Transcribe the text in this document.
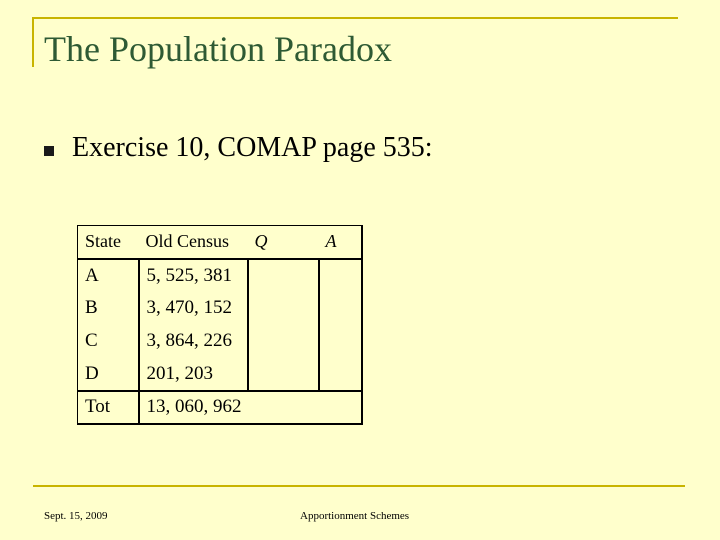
The Population Paradox
Exercise 10, COMAP page 535:
State	Old Census	Q	A
A	5, 525, 381		
B	3, 470, 152		
C	3, 864, 226		
D	201, 203		
Tot	13, 060, 962		
Sept. 15, 2009	Apportionment Schemes
